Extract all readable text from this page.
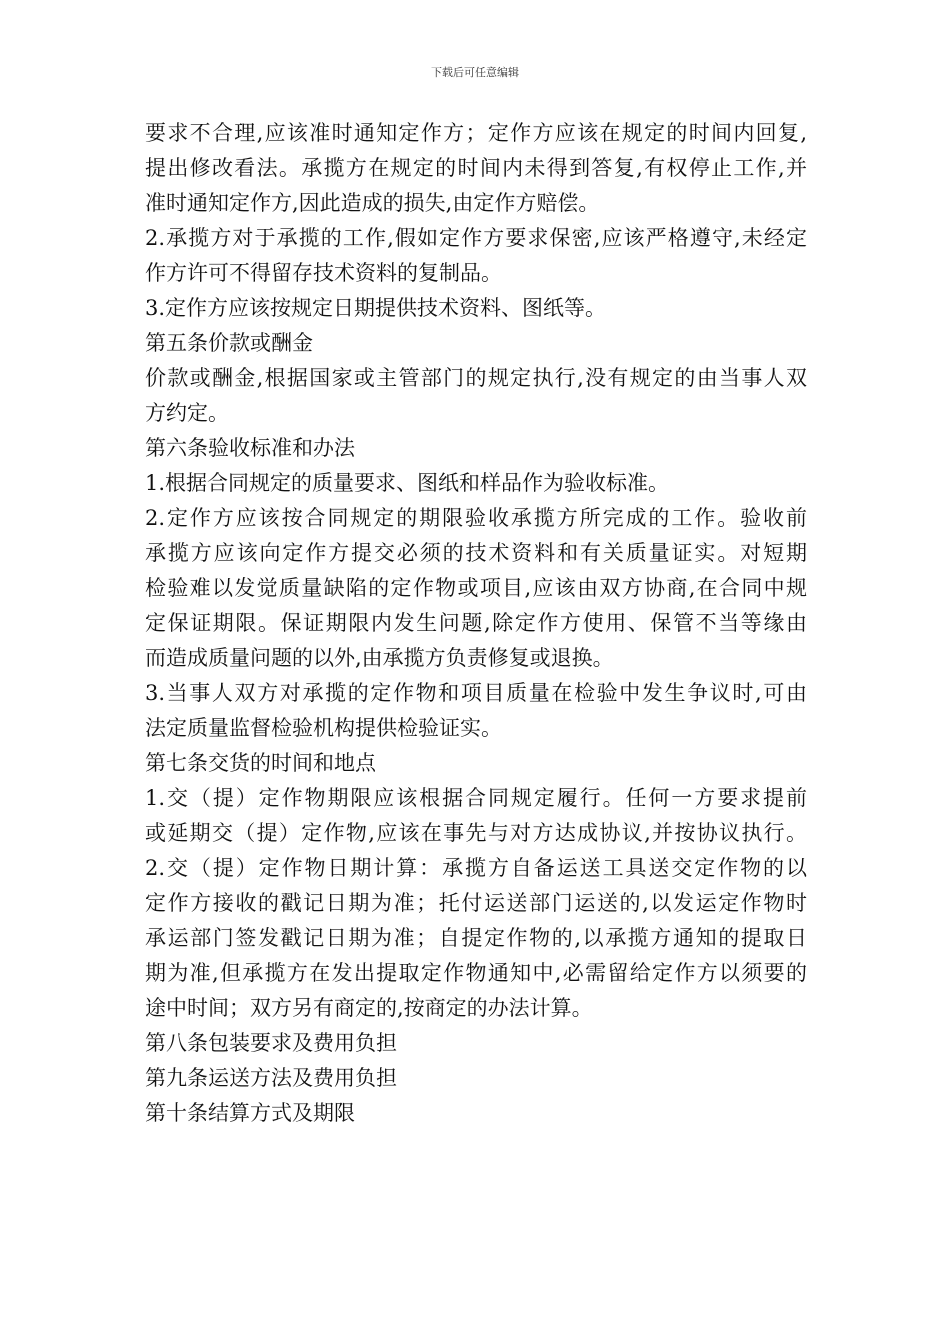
下载后可任意编辑
要求不合理,应该准时通知定作方；定作方应该在规定的时间内回复,
提出修改看法。承揽方在规定的时间内未得到答复,有权停止工作,并
准时通知定作方,因此造成的损失,由定作方赔偿。
2.承揽方对于承揽的工作,假如定作方要求保密,应该严格遵守,未经定
作方许可不得留存技术资料的复制品。
3.定作方应该按规定日期提供技术资料、图纸等。
第五条价款或酬金
价款或酬金,根据国家或主管部门的规定执行,没有规定的由当事人双
方约定。
第六条验收标准和办法
1.根据合同规定的质量要求、图纸和样品作为验收标准。
2.定作方应该按合同规定的期限验收承揽方所完成的工作。验收前
承揽方应该向定作方提交必须的技术资料和有关质量证实。对短期
检验难以发觉质量缺陷的定作物或项目,应该由双方协商,在合同中规
定保证期限。保证期限内发生问题,除定作方使用、保管不当等缘由
而造成质量问题的以外,由承揽方负责修复或退换。
3.当事人双方对承揽的定作物和项目质量在检验中发生争议时,可由
法定质量监督检验机构提供检验证实。
第七条交货的时间和地点
1.交（提）定作物期限应该根据合同规定履行。任何一方要求提前
或延期交（提）定作物,应该在事先与对方达成协议,并按协议执行。
2.交（提）定作物日期计算：承揽方自备运送工具送交定作物的以
定作方接收的戳记日期为准；托付运送部门运送的,以发运定作物时
承运部门签发戳记日期为准；自提定作物的,以承揽方通知的提取日
期为准,但承揽方在发出提取定作物通知中,必需留给定作方以须要的
途中时间；双方另有商定的,按商定的办法计算。
第八条包装要求及费用负担
第九条运送方法及费用负担
第十条结算方式及期限
